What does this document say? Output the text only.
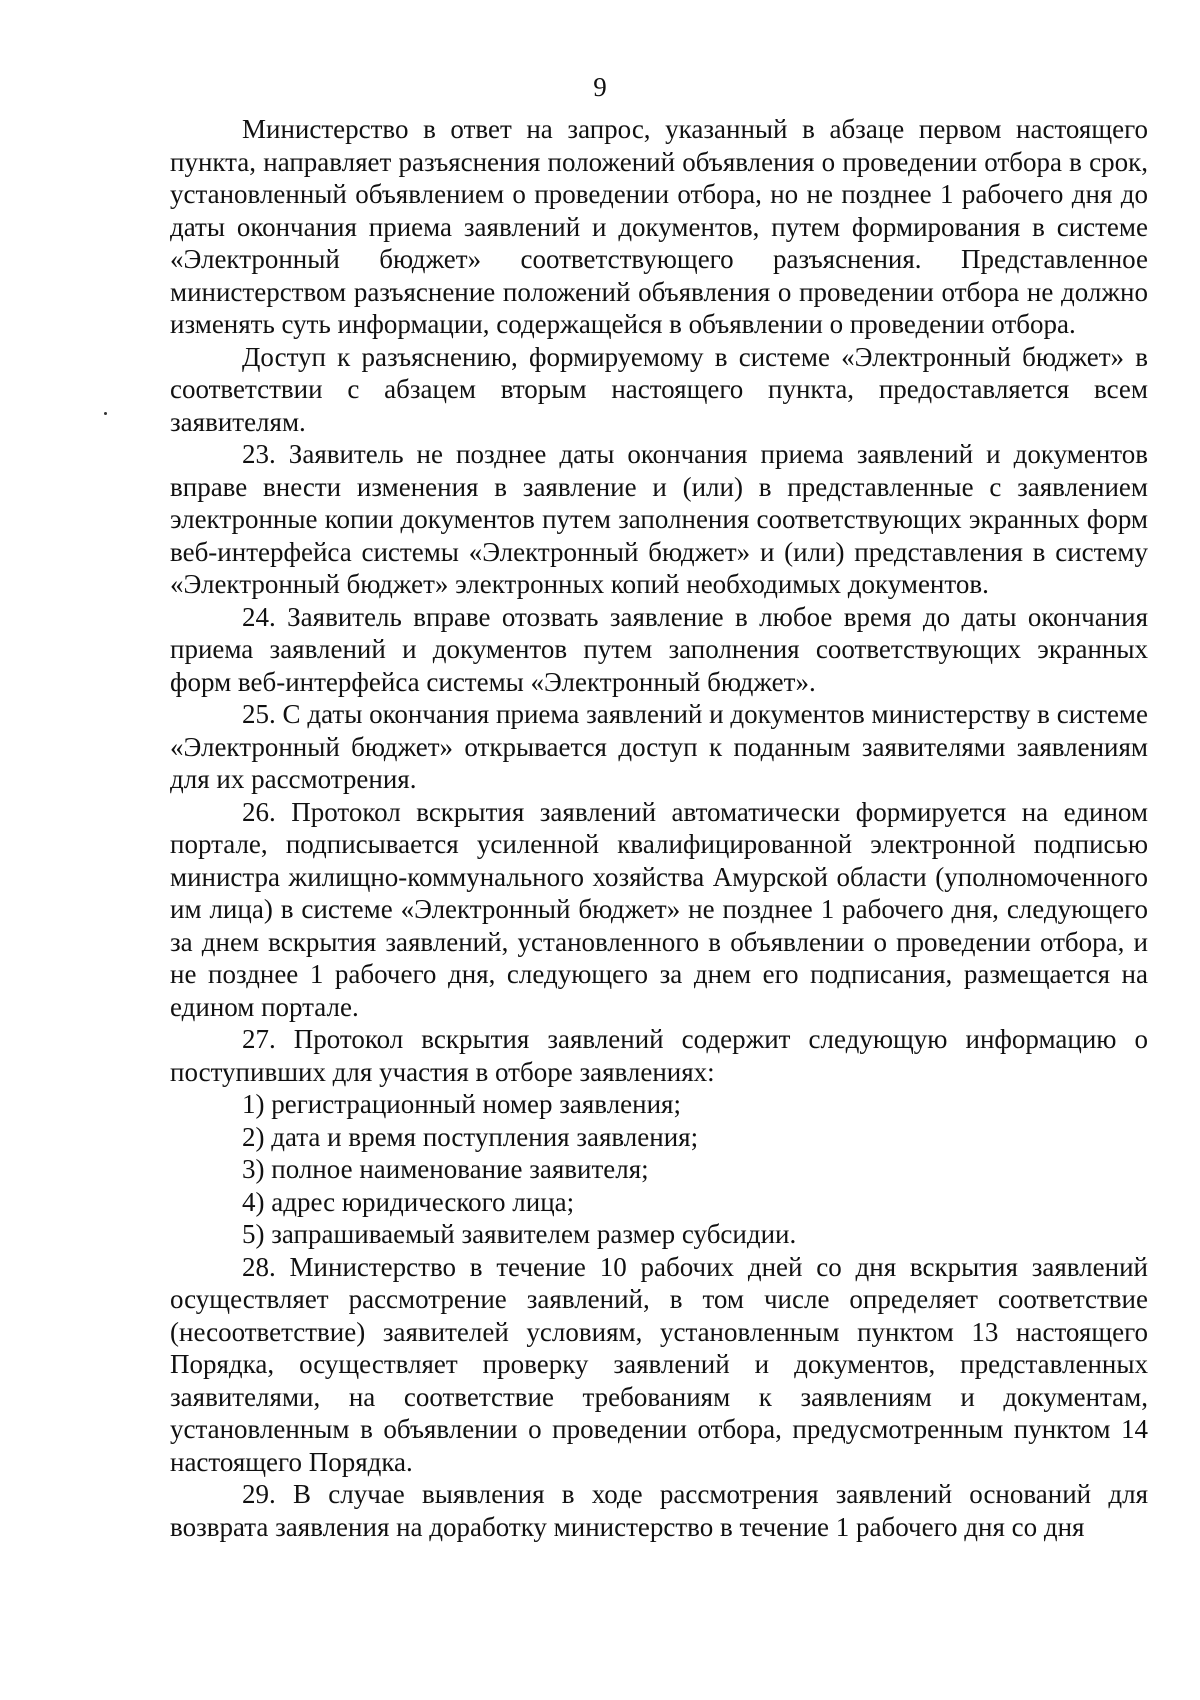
9

Министерство в ответ на запрос, указанный в абзаце первом настоящего пункта, направляет разъяснения положений объявления о проведении отбора в срок, установленный объявлением о проведении отбора, но не позднее 1 рабочего дня до даты окончания приема заявлений и документов, путем формирования в системе «Электронный бюджет» соответствующего разъяснения. Представленное министерством разъяснение положений объявления о проведении отбора не должно изменять суть информации, содержащейся в объявлении о проведении отбора.

Доступ к разъяснению, формируемому в системе «Электронный бюджет» в соответствии с абзацем вторым настоящего пункта, предоставляется всем заявителям.

23. Заявитель не позднее даты окончания приема заявлений и документов вправе внести изменения в заявление и (или) в представленные с заявлением электронные копии документов путем заполнения соответствующих экранных форм веб-интерфейса системы «Электронный бюджет» и (или) представления в систему «Электронный бюджет» электронных копий необходимых документов.

24. Заявитель вправе отозвать заявление в любое время до даты окончания приема заявлений и документов путем заполнения соответствующих экранных форм веб-интерфейса системы «Электронный бюджет».

25. С даты окончания приема заявлений и документов министерству в системе «Электронный бюджет» открывается доступ к поданным заявителями заявлениям для их рассмотрения.

26. Протокол вскрытия заявлений автоматически формируется на едином портале, подписывается усиленной квалифицированной электронной подписью министра жилищно-коммунального хозяйства Амурской области (уполномоченного им лица) в системе «Электронный бюджет» не позднее 1 рабочего дня, следующего за днем вскрытия заявлений, установленного в объявлении о проведении отбора, и не позднее 1 рабочего дня, следующего за днем его подписания, размещается на едином портале.

27. Протокол вскрытия заявлений содержит следующую информацию о поступивших для участия в отборе заявлениях:

1) регистрационный номер заявления;

2) дата и время поступления заявления;

3) полное наименование заявителя;

4) адрес юридического лица;

5) запрашиваемый заявителем размер субсидии.

28. Министерство в течение 10 рабочих дней со дня вскрытия заявлений осуществляет рассмотрение заявлений, в том числе определяет соответствие (несоответствие) заявителей условиям, установленным пунктом 13 настоящего Порядка, осуществляет проверку заявлений и документов, представленных заявителями, на соответствие требованиям к заявлениям и документам, установленным в объявлении о проведении отбора, предусмотренным пунктом 14 настоящего Порядка.

29. В случае выявления в ходе рассмотрения заявлений оснований для возврата заявления на доработку министерство в течение 1 рабочего дня со дня
